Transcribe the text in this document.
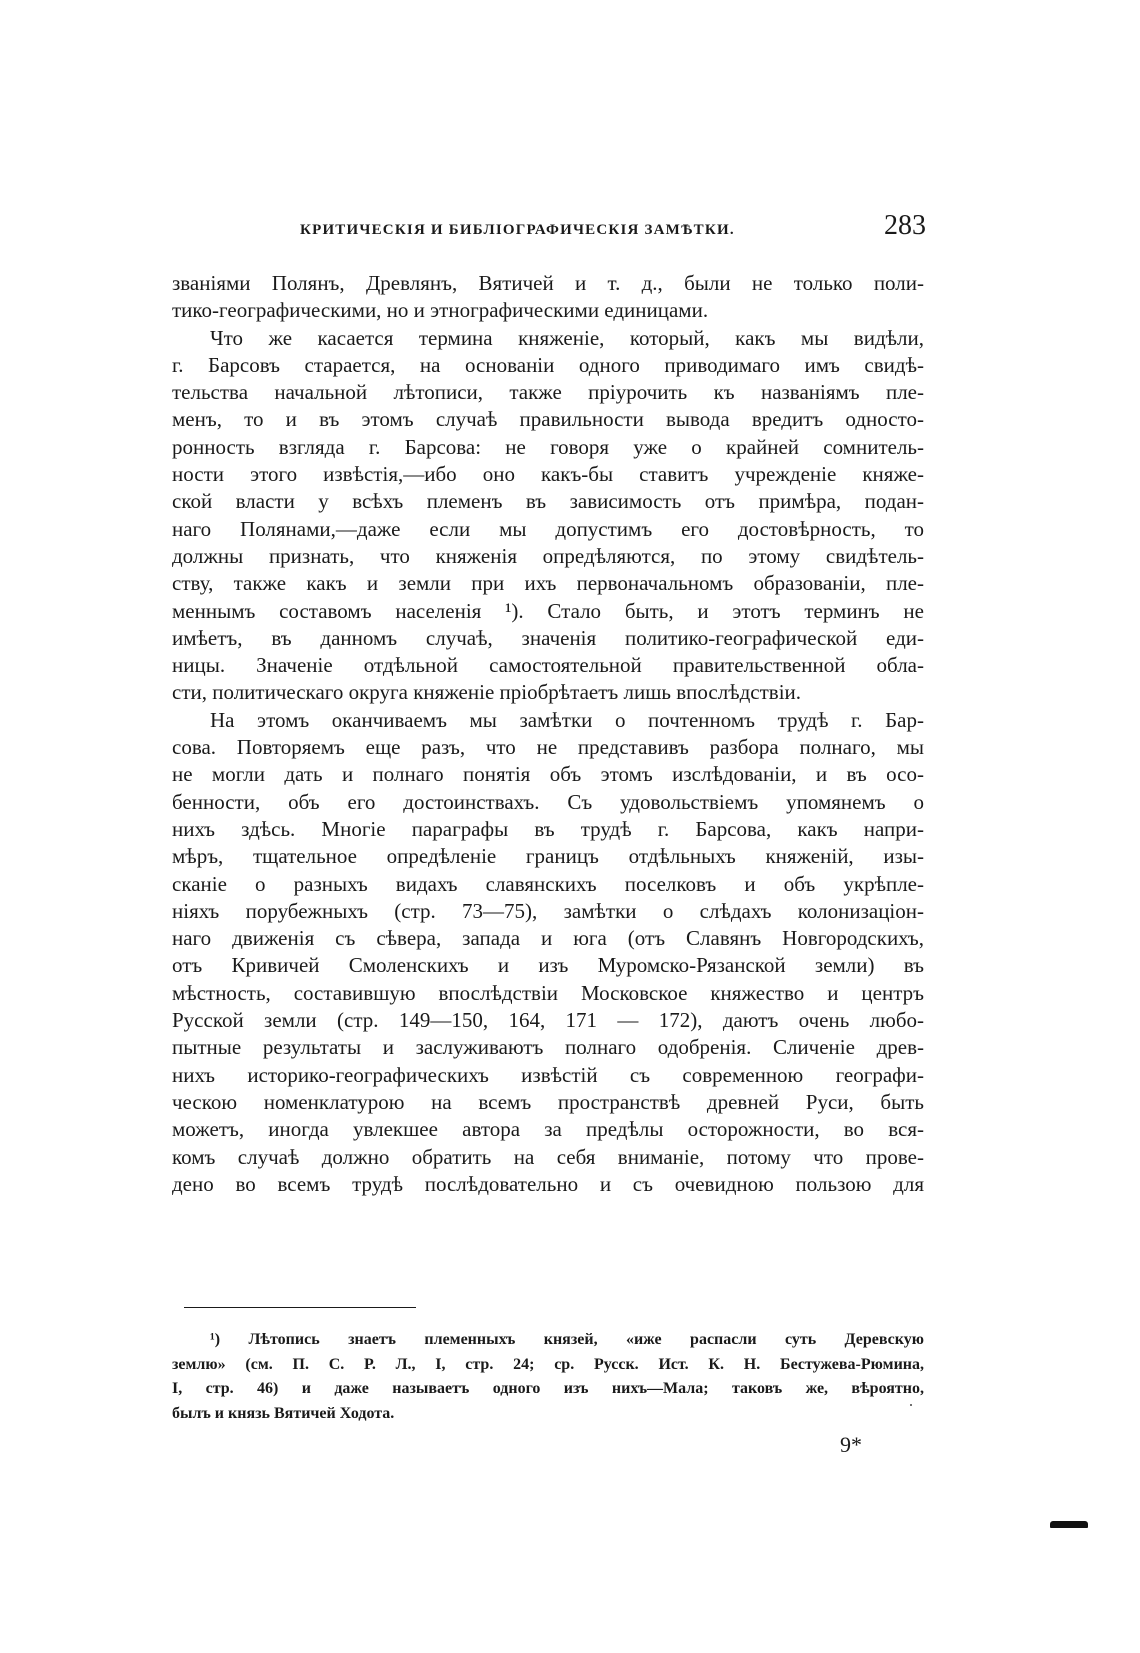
КРИТИЧЕСКІЯ И БИБЛІОГРАФИЧЕСКІЯ ЗАМѢТКИ.	283
званіями Полянъ, Древлянъ, Вятичей и т. д., были не только поли-
тико-географическими, но и этнографическими единицами.
Что же касается термина княженіе, который, какъ мы видѣли,
г. Барсовъ старается, на основаніи одного приводимаго имъ свидѣ-
тельства начальной лѣтописи, также пріурочить къ названіямъ пле-
менъ, то и въ этомъ случаѣ правильности вывода вредитъ односто-
ронность взгляда г. Барсова: не говоря уже о крайней сомнитель-
ности этого извѣстія,—ибо оно какъ-бы ставитъ учрежденіе княже-
ской власти у всѣхъ племенъ въ зависимость отъ примѣра, подан-
наго Полянами,—даже если мы допустимъ его достовѣрность, то
должны признать, что княженія опредѣляются, по этому свидѣтель-
ству, также какъ и земли при ихъ первоначальномъ образованіи, пле-
меннымъ составомъ населенія ¹). Стало быть, и этотъ терминъ не
имѣетъ, въ данномъ случаѣ, значенія политико-географической еди-
ницы. Значеніе отдѣльной самостоятельной правительственной обла-
сти, политическаго округа княженіе пріобрѣтаетъ лишь впослѣдствіи.
На этомъ оканчиваемъ мы замѣтки о почтенномъ трудѣ г. Бар-
сова. Повторяемъ еще разъ, что не представивъ разбора полнаго, мы
не могли дать и полнаго понятія объ этомъ изслѣдованіи, и въ осо-
бенности, объ его достоинствахъ. Съ удовольствіемъ упомянемъ о
нихъ здѣсь. Многіе параграфы въ трудѣ г. Барсова, какъ напри-
мѣръ, тщательное опредѣленіе границъ отдѣльныхъ княженій, изы-
сканіе о разныхъ видахъ славянскихъ поселковъ и объ укрѣпле-
ніяхъ порубежныхъ (стр. 73—75), замѣтки о слѣдахъ колонизаціон-
наго движенія съ сѣвера, запада и юга (отъ Славянъ Новгородскихъ,
отъ Кривичей Смоленскихъ и изъ Муромско-Рязанской земли) въ
мѣстность, составившую впослѣдствіи Московское княжество и центръ
Русской земли (стр. 149—150, 164, 171 — 172), даютъ очень любо-
пытные результаты и заслуживаютъ полнаго одобренія. Сличеніе древ-
нихъ историко-географическихъ извѣстій съ современною географи-
ческою номенклатурою на всемъ пространствѣ древней Руси, быть
можетъ, иногда увлекшее автора за предѣлы осторожности, во вся-
комъ случаѣ должно обратить на себя вниманіе, потому что прове-
дено во всемъ трудѣ послѣдовательно и съ очевидною пользою для
¹) Лѣтопись знаетъ племенныхъ князей, «иже распасли суть Деревскую
землю» (см. П. С. Р. Л., I, стр. 24; ср. Русск. Ист. К. Н. Бестужева-Рюмина,
I, стр. 46) и даже называетъ одного изъ нихъ—Мала; таковъ же, вѣроятно,
былъ и князь Вятичей Ходота.
9*
